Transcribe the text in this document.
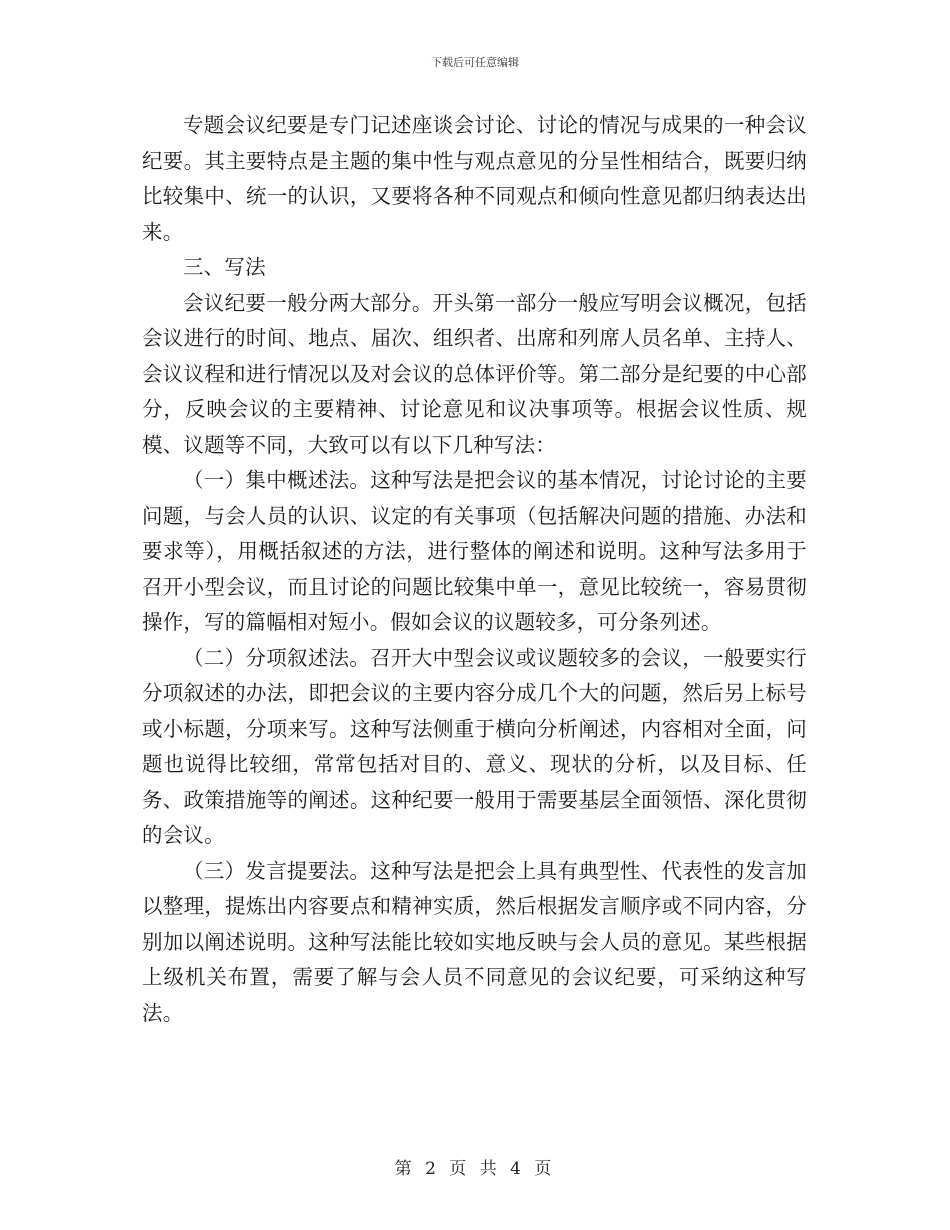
下载后可任意编辑

专题会议纪要是专门记述座谈会讨论、讨论的情况与成果的一种会议纪要。其主要特点是主题的集中性与观点意见的分呈性相结合，既要归纳比较集中、统一的认识，又要将各种不同观点和倾向性意见都归纳表达出来。

三、写法

会议纪要一般分两大部分。开头第一部分一般应写明会议概况，包括会议进行的时间、地点、届次、组织者、出席和列席人员名单、主持人、会议议程和进行情况以及对会议的总体评价等。第二部分是纪要的中心部分，反映会议的主要精神、讨论意见和议决事项等。根据会议性质、规模、议题等不同，大致可以有以下几种写法：

（一）集中概述法。这种写法是把会议的基本情况，讨论讨论的主要问题，与会人员的认识、议定的有关事项（包括解决问题的措施、办法和要求等），用概括叙述的方法，进行整体的阐述和说明。这种写法多用于召开小型会议，而且讨论的问题比较集中单一，意见比较统一，容易贯彻操作，写的篇幅相对短小。假如会议的议题较多，可分条列述。

（二）分项叙述法。召开大中型会议或议题较多的会议，一般要实行分项叙述的办法，即把会议的主要内容分成几个大的问题，然后另上标号或小标题，分项来写。这种写法侧重于横向分析阐述，内容相对全面，问题也说得比较细，常常包括对目的、意义、现状的分析，以及目标、任务、政策措施等的阐述。这种纪要一般用于需要基层全面领悟、深化贯彻的会议。

（三）发言提要法。这种写法是把会上具有典型性、代表性的发言加以整理，提炼出内容要点和精神实质，然后根据发言顺序或不同内容，分别加以阐述说明。这种写法能比较如实地反映与会人员的意见。某些根据上级机关布置，需要了解与会人员不同意见的会议纪要，可采纳这种写法。

第 2 页 共 4 页
